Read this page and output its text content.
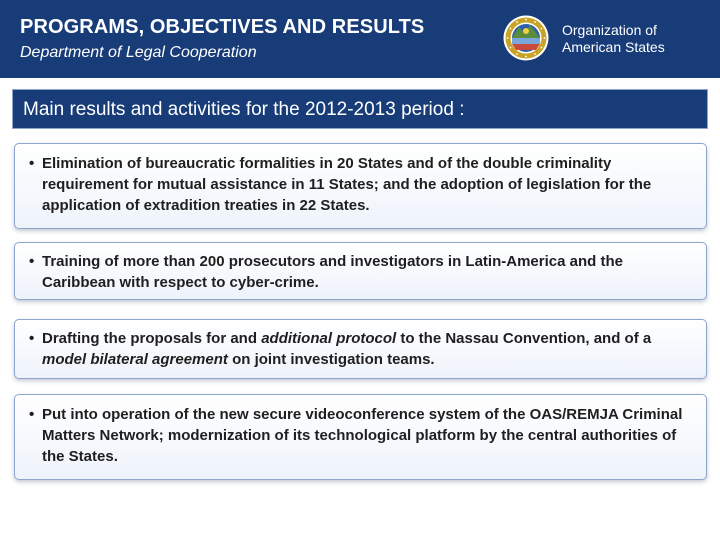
PROGRAMS, OBJECTIVES AND RESULTS
Department of Legal Cooperation
Organization of
American States
Main results and activities for the 2012-2013 period :
• Elimination of bureaucratic formalities in 20 States and of the double criminality requirement for mutual assistance in 11 States; and the adoption of legislation for the application of extradition treaties in 22 States.
• Training of more than 200 prosecutors and investigators in Latin-America and the Caribbean with respect to cyber-crime.
• Drafting the proposals for and additional protocol to the Nassau Convention, and of a model bilateral agreement on joint investigation teams.
• Put into operation of the new secure videoconference system of the OAS/REMJA Criminal Matters Network; modernization of its technological platform by the central authorities of the States.
